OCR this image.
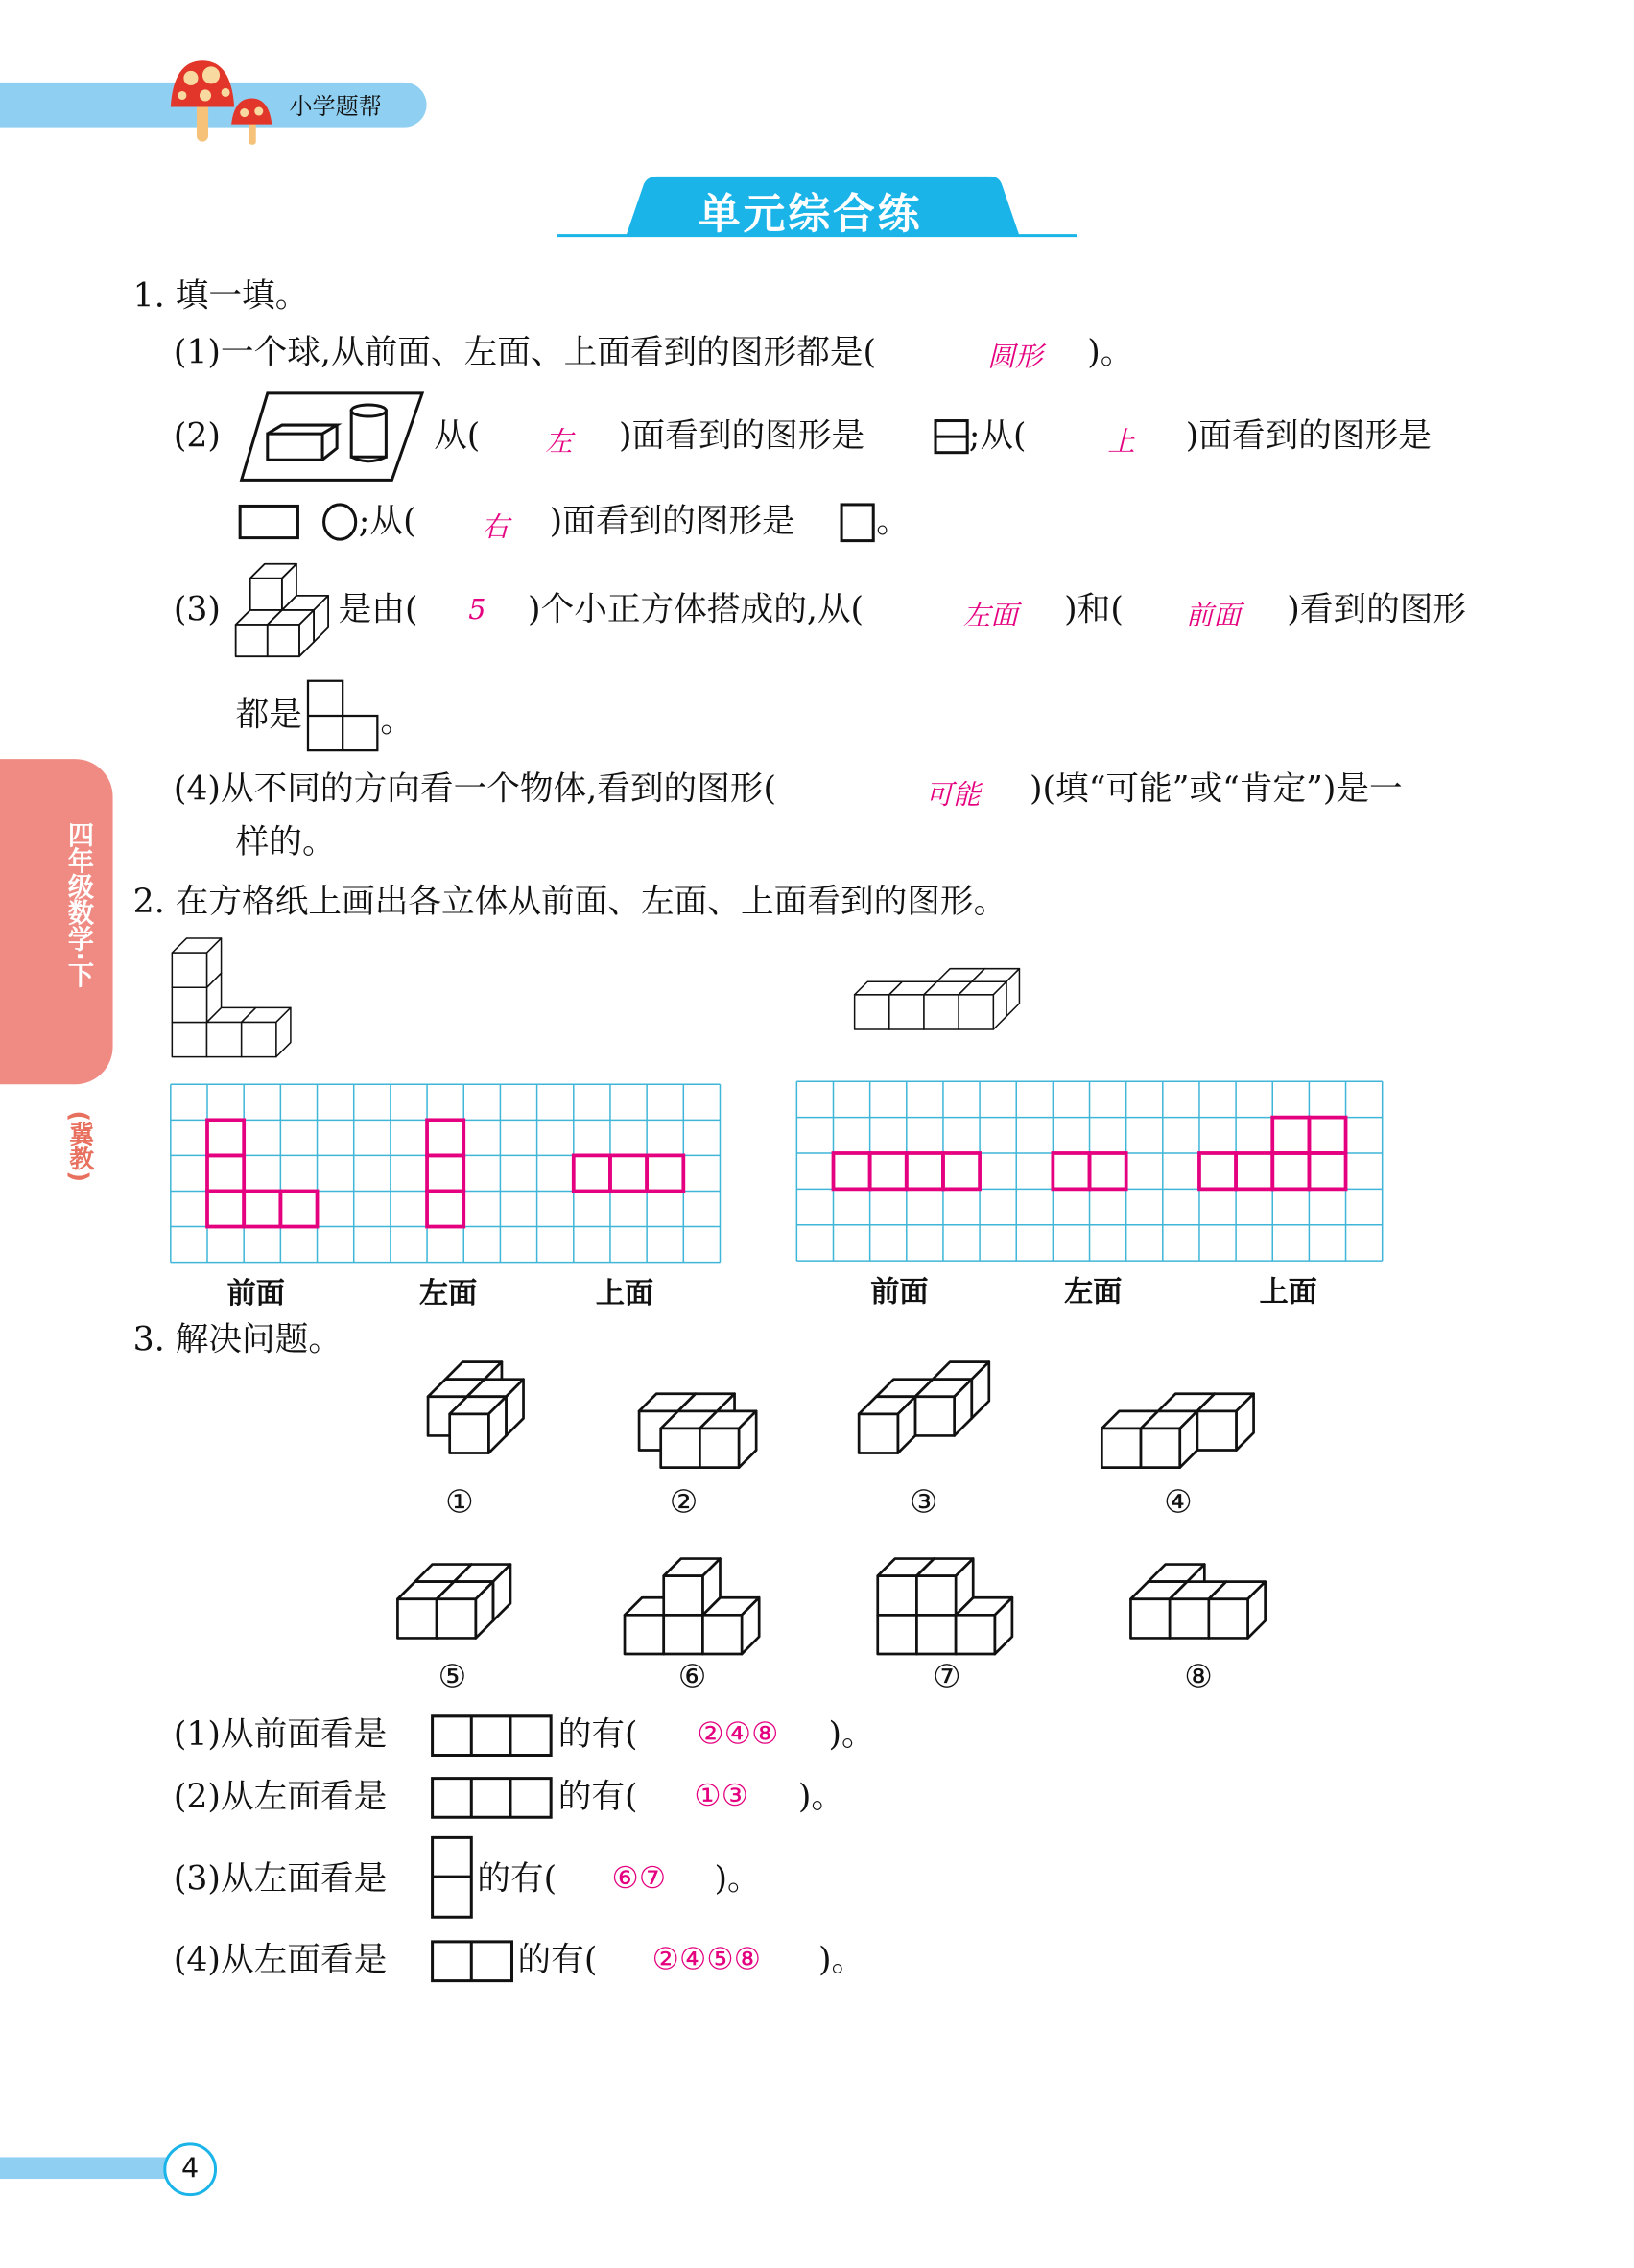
小学题帮
单元综合练
四年级数学·下
(冀教)
1. 填一填。
(1)一个球,从前面、左面、上面看到的图形都是(	圆形 )。
(2)	从(	左 )面看到的图形是	;从(	上 )面看到的图形是
;从(	右 )面看到的图形是	。
(3)	是由(	5 )个小正方体搭成的,从(	左面 )和(	前面 )看到的图形
都是	。
(4)从不同的方向看一个物体,看到的图形(	可能 )(填“可能”或“肯定”)是一
样的。
2. 在方格纸上画出各立体从前面、左面、上面看到的图形。
前面	左面	上面	前面	左面	上面
3. 解决问题。
(1)从前面看是	的有(	②④⑧ )。
(2)从左面看是	的有(	①③ )。
(3)从左面看是	的有(	⑥⑦ )。
(4)从左面看是	的有(	②④⑤⑧	)。
4
①	②	③	④
⑤	⑥	⑦	⑧
